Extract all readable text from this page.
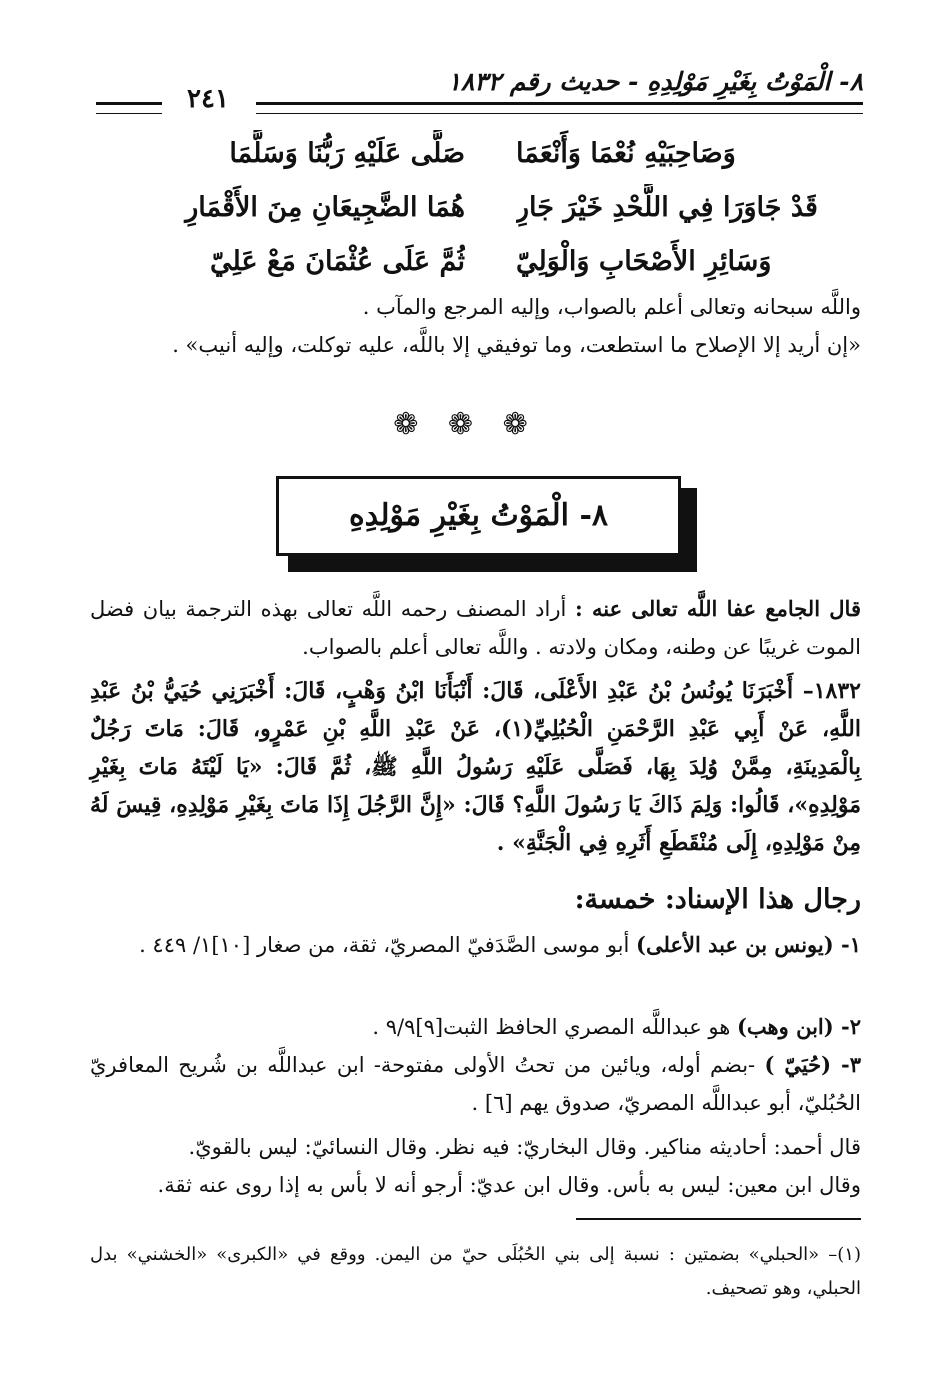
٨- الْمَوْتُ بِغَيْرِ مَوْلِدِهِ - حديث رقم ١٨٣٢
٢٤١
صَلَّى عَلَيْهِ رَبُّنَا وَسَلَّمَا وَصَاحِبَيْهِ نُعْمَا وَأَنْعَمَا
هُمَا الضَّجِيعَانِ مِنَ الأَقْمَارِ قَدْ جَاوَرَا فِي اللَّحْدِ خَيْرَ جَارِ
ثُمَّ عَلَى عُثْمَانَ مَعْ عَلِيّ وَسَائِرِ الأَصْحَابِ وَالْوَلِيّ
واللَّه سبحانه وتعالى أعلم بالصواب، وإليه المرجع والمآب .
«إن أريد إلا الإصلاح ما استطعت، وما توفيقي إلا باللَّه، عليه توكلت، وإليه أنيب» .
❁ ❁ ❁
٨- الْمَوْتُ بِغَيْرِ مَوْلِدِهِ
قال الجامع عفا اللَّه تعالى عنه : أراد المصنف رحمه اللَّه تعالى بهذه الترجمة بيان فضل الموت غريبًا عن وطنه، ومكان ولادته . واللَّه تعالى أعلم بالصواب.
١٨٣٢– أَخْبَرَنَا يُونُسُ بْنُ عَبْدِ الأَعْلَى، قَالَ: أَنْبَأَنَا ابْنُ وَهْبٍ، قَالَ: أَخْبَرَنِي حُيَيُّ بْنُ عَبْدِ اللَّهِ، عَنْ أَبِي عَبْدِ الرَّحْمَنِ الْحُبُلِيِّ(١)، عَنْ عَبْدِ اللَّهِ بْنِ عَمْرٍو، قَالَ: مَاتَ رَجُلٌ بِالْمَدِينَةِ، مِمَّنْ وُلِدَ بِهَا، فَصَلَّى عَلَيْهِ رَسُولُ اللَّهِ ﷺ، ثُمَّ قَالَ: «يَا لَيْتَهُ مَاتَ بِغَيْرِ مَوْلِدِهِ»، قَالُوا: وَلِمَ ذَاكَ يَا رَسُولَ اللَّهِ؟ قَالَ: «إِنَّ الرَّجُلَ إِذَا مَاتَ بِغَيْرِ مَوْلِدِهِ، قِيسَ لَهُ مِنْ مَوْلِدِهِ، إِلَى مُنْقَطَعِ أَثَرِهِ فِي الْجَنَّةِ» .
رجال هذا الإسناد: خمسة:
١- (يونس بن عبد الأعلى) أبو موسى الصَّدَفيّ المصريّ، ثقة، من صغار [١٠]١/ ٤٤٩ .
٢- (ابن وهب) هو عبداللَّه المصري الحافظ الثبت[٩]٩/٩ .
٣- (حُيَيّ ) -بضم أوله، ويائين من تحتُ الأولى مفتوحة- ابن عبداللَّه بن شُريح المعافريّ الحُبُليّ، أبو عبداللَّه المصريّ، صدوق يهم [٦] .
قال أحمد: أحاديثه مناكير. وقال البخاريّ: فيه نظر. وقال النسائيّ: ليس بالقويّ.
وقال ابن معين: ليس به بأس. وقال ابن عديّ: أرجو أنه لا بأس به إذا روى عنه ثقة.
(١)– «الحبلي» بضمتين : نسبة إلى بني الحُبُلَى حيّ من اليمن. ووقع في «الكبرى» «الخشني» بدل الحبلي، وهو تصحيف.
